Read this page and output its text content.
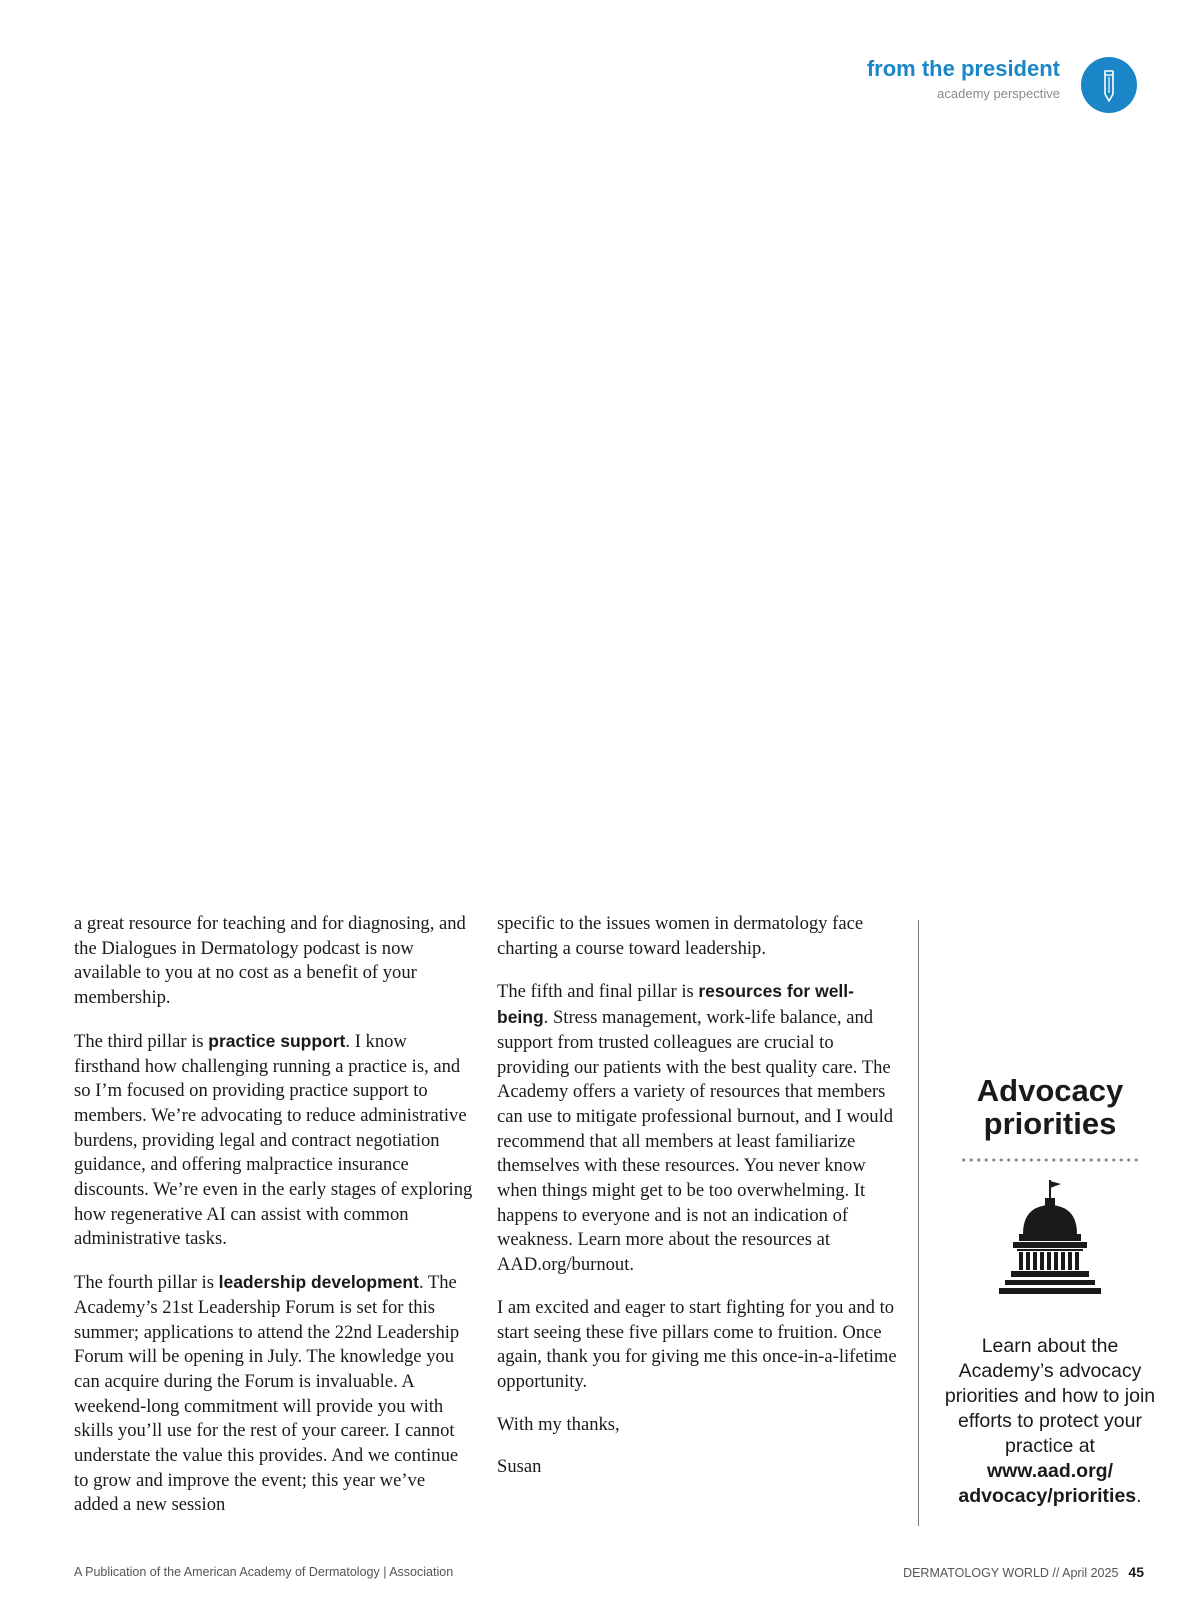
from the president
academy perspective

a great resource for teaching and for diagnosing, and the Dialogues in Dermatology podcast is now available to you at no cost as a benefit of your membership.

The third pillar is practice support. I know firsthand how challenging running a practice is, and so I’m focused on providing practice support to members. We’re advocating to reduce administrative burdens, providing legal and contract negotiation guidance, and offering malpractice insurance discounts. We’re even in the early stages of exploring how regenerative AI can assist with common administrative tasks.

The fourth pillar is leadership development. The Academy’s 21st Leadership Forum is set for this summer; applications to attend the 22nd Leadership Forum will be opening in July. The knowledge you can acquire during the Forum is invaluable. A weekend-long commitment will provide you with skills you’ll use for the rest of your career. I cannot understate the value this provides. And we continue to grow and improve the event; this year we’ve added a new session

specific to the issues women in dermatology face charting a course toward leadership.

The fifth and final pillar is resources for well-being. Stress management, work-life balance, and support from trusted colleagues are crucial to providing our patients with the best quality care. The Academy offers a variety of resources that members can use to mitigate professional burnout, and I would recommend that all members at least familiarize themselves with these resources. You never know when things might get to be too overwhelming. It happens to everyone and is not an indication of weakness. Learn more about the resources at AAD.org/burnout.

I am excited and eager to start fighting for you and to start seeing these five pillars come to fruition. Once again, thank you for giving me this once-in-a-lifetime opportunity.

With my thanks,

Susan

Advocacy priorities
Learn about the Academy’s advocacy priorities and how to join efforts to protect your practice at www.aad.org/ advocacy/priorities.
A Publication of the American Academy of Dermatology | Association	DERMATOLOGY WORLD // April 2025 45
